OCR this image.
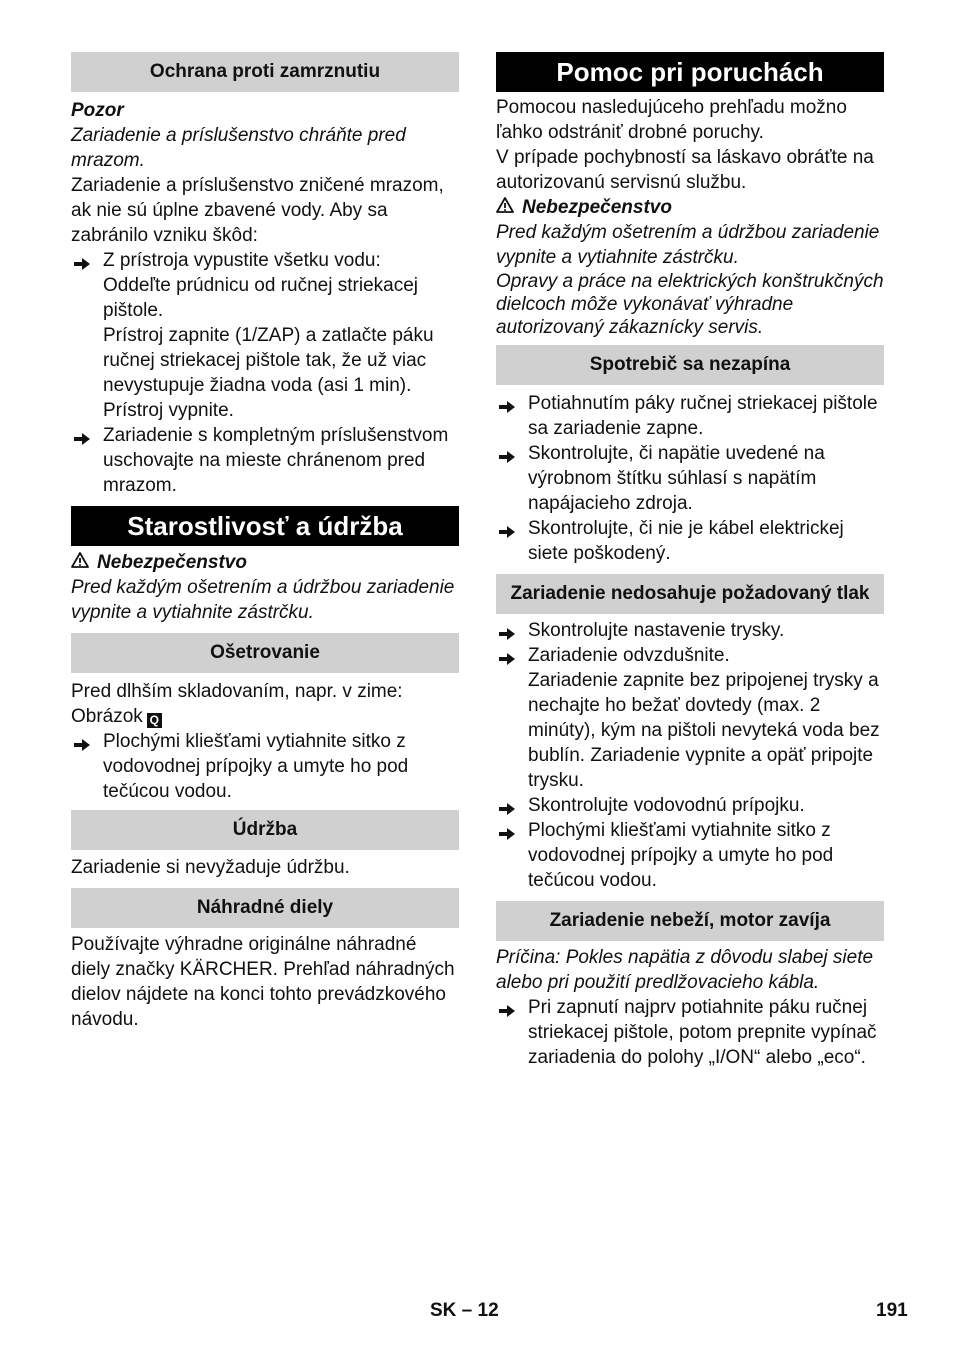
Ochrana proti zamrznutiu

Pozor

Zariadenie a príslušenstvo chráňte pred mrazom.

Zariadenie a príslušenstvo zničené mrazom, ak nie sú úplne zbavené vody. Aby sa zabránilo vzniku škôd:

Z prístroja vypustite všetku vodu:

Oddeľte prúdnicu od ručnej striekacej pištole.

Prístroj zapnite (1/ZAP) a zatlačte páku ručnej striekacej pištole tak, že už viac nevystupuje žiadna voda (asi 1 min).

Prístroj vypnite.

Zariadenie s kompletným príslušenstvom uschovajte na mieste chránenom pred mrazom.

Starostlivosť a údržba
Nebezpečenstvo

Pred každým ošetrením a údržbou zariadenie vypnite a vytiahnite zástrčku.

Ošetrovanie

Pred dlhším skladovaním, napr. v zime: Obrázok Q

Plochými kliešťami vytiahnite sitko z vodovodnej prípojky a umyte ho pod tečúcou vodou.

Údržba

Zariadenie si nevyžaduje údržbu.

Náhradné diely

Používajte výhradne originálne náhradné diely značky KÄRCHER. Prehľad náhradných dielov nájdete na konci tohto prevádzkového návodu.

Pomoc pri poruchách

Pomocou nasledujúceho prehľadu možno ľahko odstrániť drobné poruchy.

V prípade pochybností sa láskavo obráťte na autorizovanú servisnú službu.

Nebezpečenstvo

Pred každým ošetrením a údržbou zariadenie vypnite a vytiahnite zástrčku.

Opravy a práce na elektrických konštrukčných dielcoch môže vykonávať výhradne autorizovaný zákaznícky servis.

Spotrebič sa nezapína

Potiahnutím páky ručnej striekacej pištole sa zariadenie zapne.

Skontrolujte, či napätie uvedené na výrobnom štítku súhlasí s napätím napájacieho zdroja.

Skontrolujte, či nie je kábel elektrickej siete poškodený.

Zariadenie nedosahuje požadovaný tlak

Skontrolujte nastavenie trysky.

Zariadenie odvzdušnite.

Zariadenie zapnite bez pripojenej trysky a nechajte ho bežať dovtedy (max. 2 minúty), kým na pištoli nevyteká voda bez bublín. Zariadenie vypnite a opäť pripojte trysku.

Skontrolujte vodovodnú prípojku.

Plochými kliešťami vytiahnite sitko z vodovodnej prípojky a umyte ho pod tečúcou vodou.

Zariadenie nebeží, motor zavíja

Príčina: Pokles napätia z dôvodu slabej siete alebo pri použití predlžovacieho kábla.

Pri zapnutí najprv potiahnite páku ručnej striekacej pištole, potom prepnite vypínač zariadenia do polohy „I/ON“ alebo „eco“.

SK – 12	191
